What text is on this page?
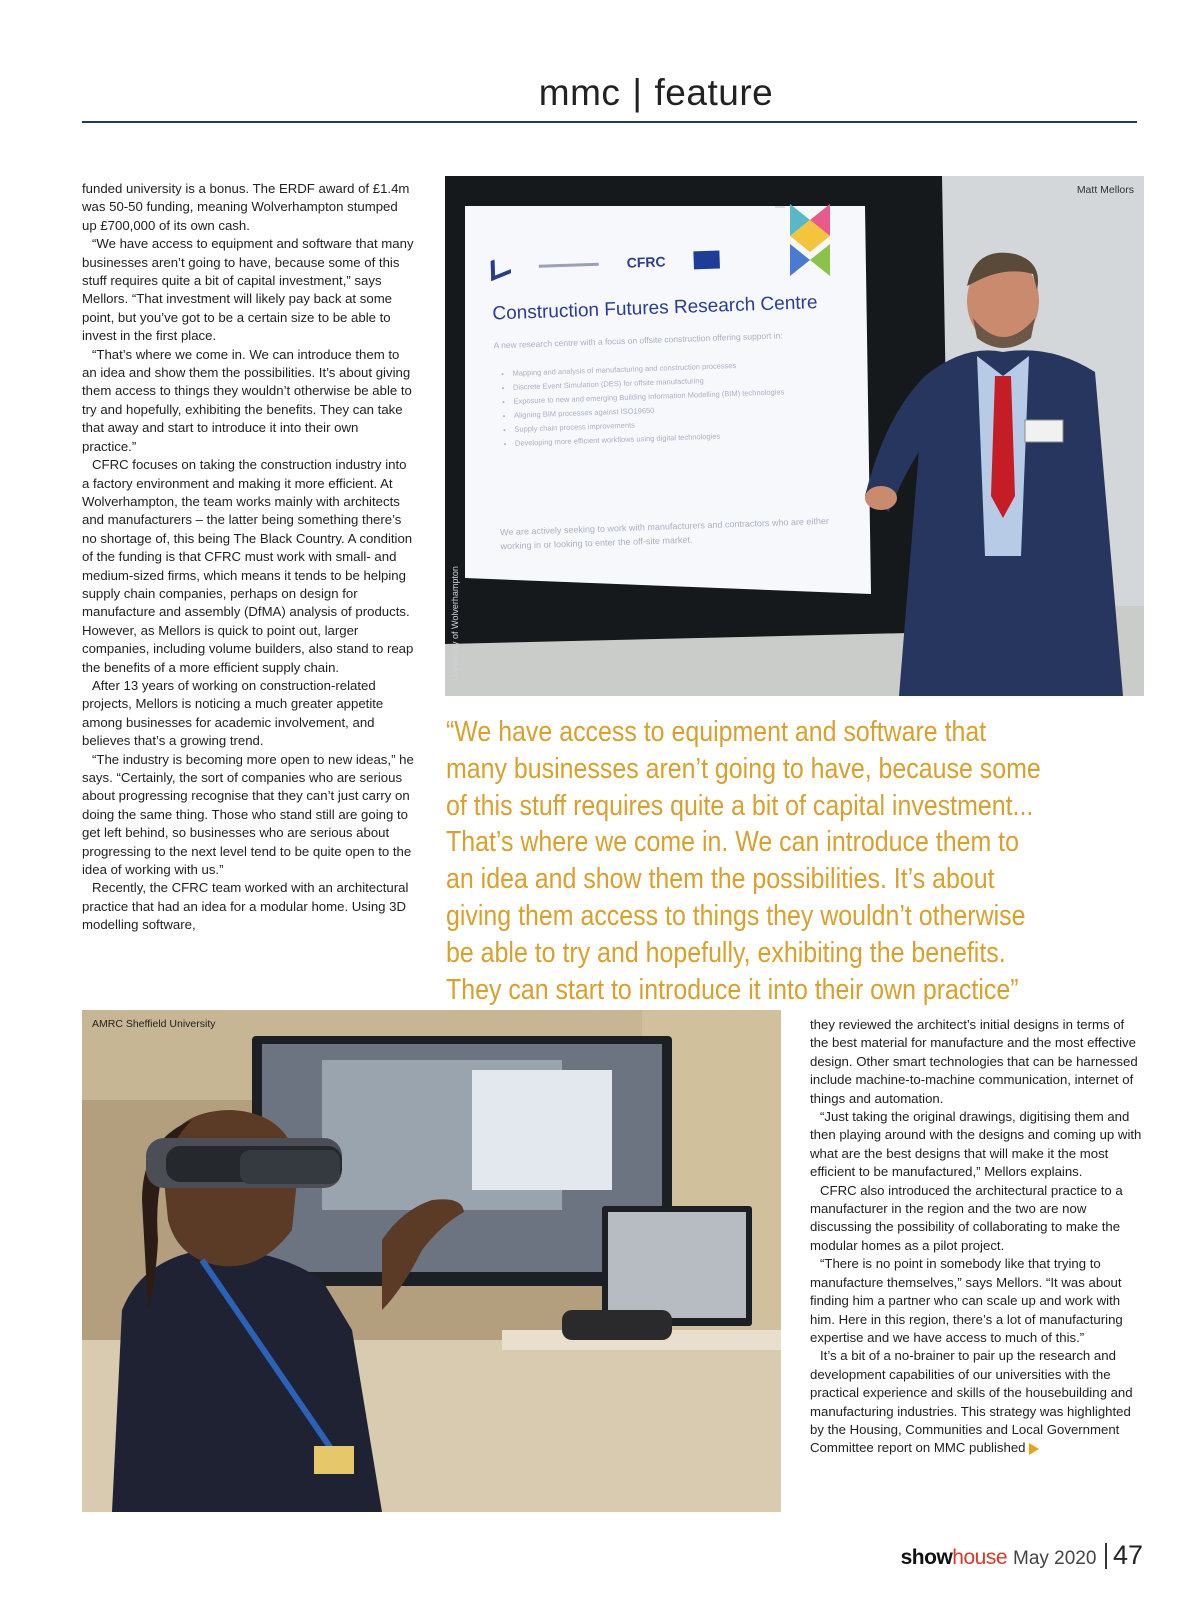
mmc | feature

funded university is a bonus. The ERDF award of £1.4m was 50-50 funding, meaning Wolverhampton stumped up £700,000 of its own cash.

“We have access to equipment and software that many businesses aren’t going to have, because some of this stuff requires quite a bit of capital investment,” says Mellors. “That investment will likely pay back at some point, but you’ve got to be a certain size to be able to invest in the first place.

“That’s where we come in. We can introduce them to an idea and show them the possibilities. It’s about giving them access to things they wouldn’t otherwise be able to try and hopefully, exhibiting the benefits. They can take that away and start to introduce it into their own practice.”

CFRC focuses on taking the construction industry into a factory environment and making it more efficient. At Wolverhampton, the team works mainly with architects and manufacturers – the latter being something there’s no shortage of, this being The Black Country. A condition of the funding is that CFRC must work with small- and medium-sized firms, which means it tends to be helping supply chain companies, perhaps on design for manufacture and assembly (DfMA) analysis of products. However, as Mellors is quick to point out, larger companies, including volume builders, also stand to reap the benefits of a more efficient supply chain.

After 13 years of working on construction-related projects, Mellors is noticing a much greater appetite among businesses for academic involvement, and believes that’s a growing trend.

“The industry is becoming more open to new ideas,” he says. “Certainly, the sort of companies who are serious about progressing recognise that they can’t just carry on doing the same thing. Those who stand still are going to get left behind, so businesses who are serious about progressing to the next level tend to be quite open to the idea of working with us.”

Recently, the CFRC team worked with an architectural practice that had an idea for a modular home. Using 3D modelling software,

CFRC
Construction Futures Research Centre
A new research centre with a focus on offsite construction offering support in:
• Mapping and analysis of manufacturing and construction processes
• Discrete Event Simulation (DES) for offsite manufacturing
• Exposure to new and emerging Building Information Modelling (BIM) technologies
• Aligning BIM processes against ISO19650
• Supply chain process improvements
• Developing more efficient workflows using digital technologies
We are actively seeking to work with manufacturers and contractors who are either working in or looking to enter the off-site market.
Matt Mellors
University of Wolverhampton
“We have access to equipment and software that many businesses aren’t going to have, because some of this stuff requires quite a bit of capital investment... That’s where we come in. We can introduce them to an idea and show them the possibilities. It’s about giving them access to things they wouldn’t otherwise be able to try and hopefully, exhibiting the benefits. They can start to introduce it into their own practice”
AMRC Sheffield University	they reviewed the architect’s initial designs in terms of the best material for manufacture and the most effective design. Other smart technologies that can be harnessed include machine-to-machine communication, internet of things and automation.

“Just taking the original drawings, digitising them and then playing around with the designs and coming up with what are the best designs that will make it the most efficient to be manufactured,” Mellors explains.

CFRC also introduced the architectural practice to a manufacturer in the region and the two are now discussing the possibility of collaborating to make the modular homes as a pilot project.

“There is no point in somebody like that trying to manufacture themselves,” says Mellors. “It was about finding him a partner who can scale up and work with him. Here in this region, there’s a lot of manufacturing expertise and we have access to much of this.”

It’s a bit of a no-brainer to pair up the research and development capabilities of our universities with the practical experience and skills of the housebuilding and manufacturing industries. This strategy was highlighted by the Housing, Communities and Local Government Committee report on MMC published

show house May 2020 47
